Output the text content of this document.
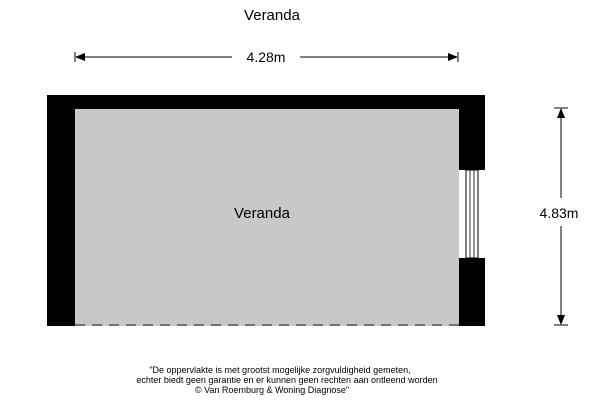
Veranda
4.28m
Veranda	4.83m
"De oppervlakte is met grootst mogelijke zorgvuldigheid gemeten,
echter biedt geen garantie en er kunnen geen rechten aan ontleend worden
© Van Roemburg & Woning Diagnose"
